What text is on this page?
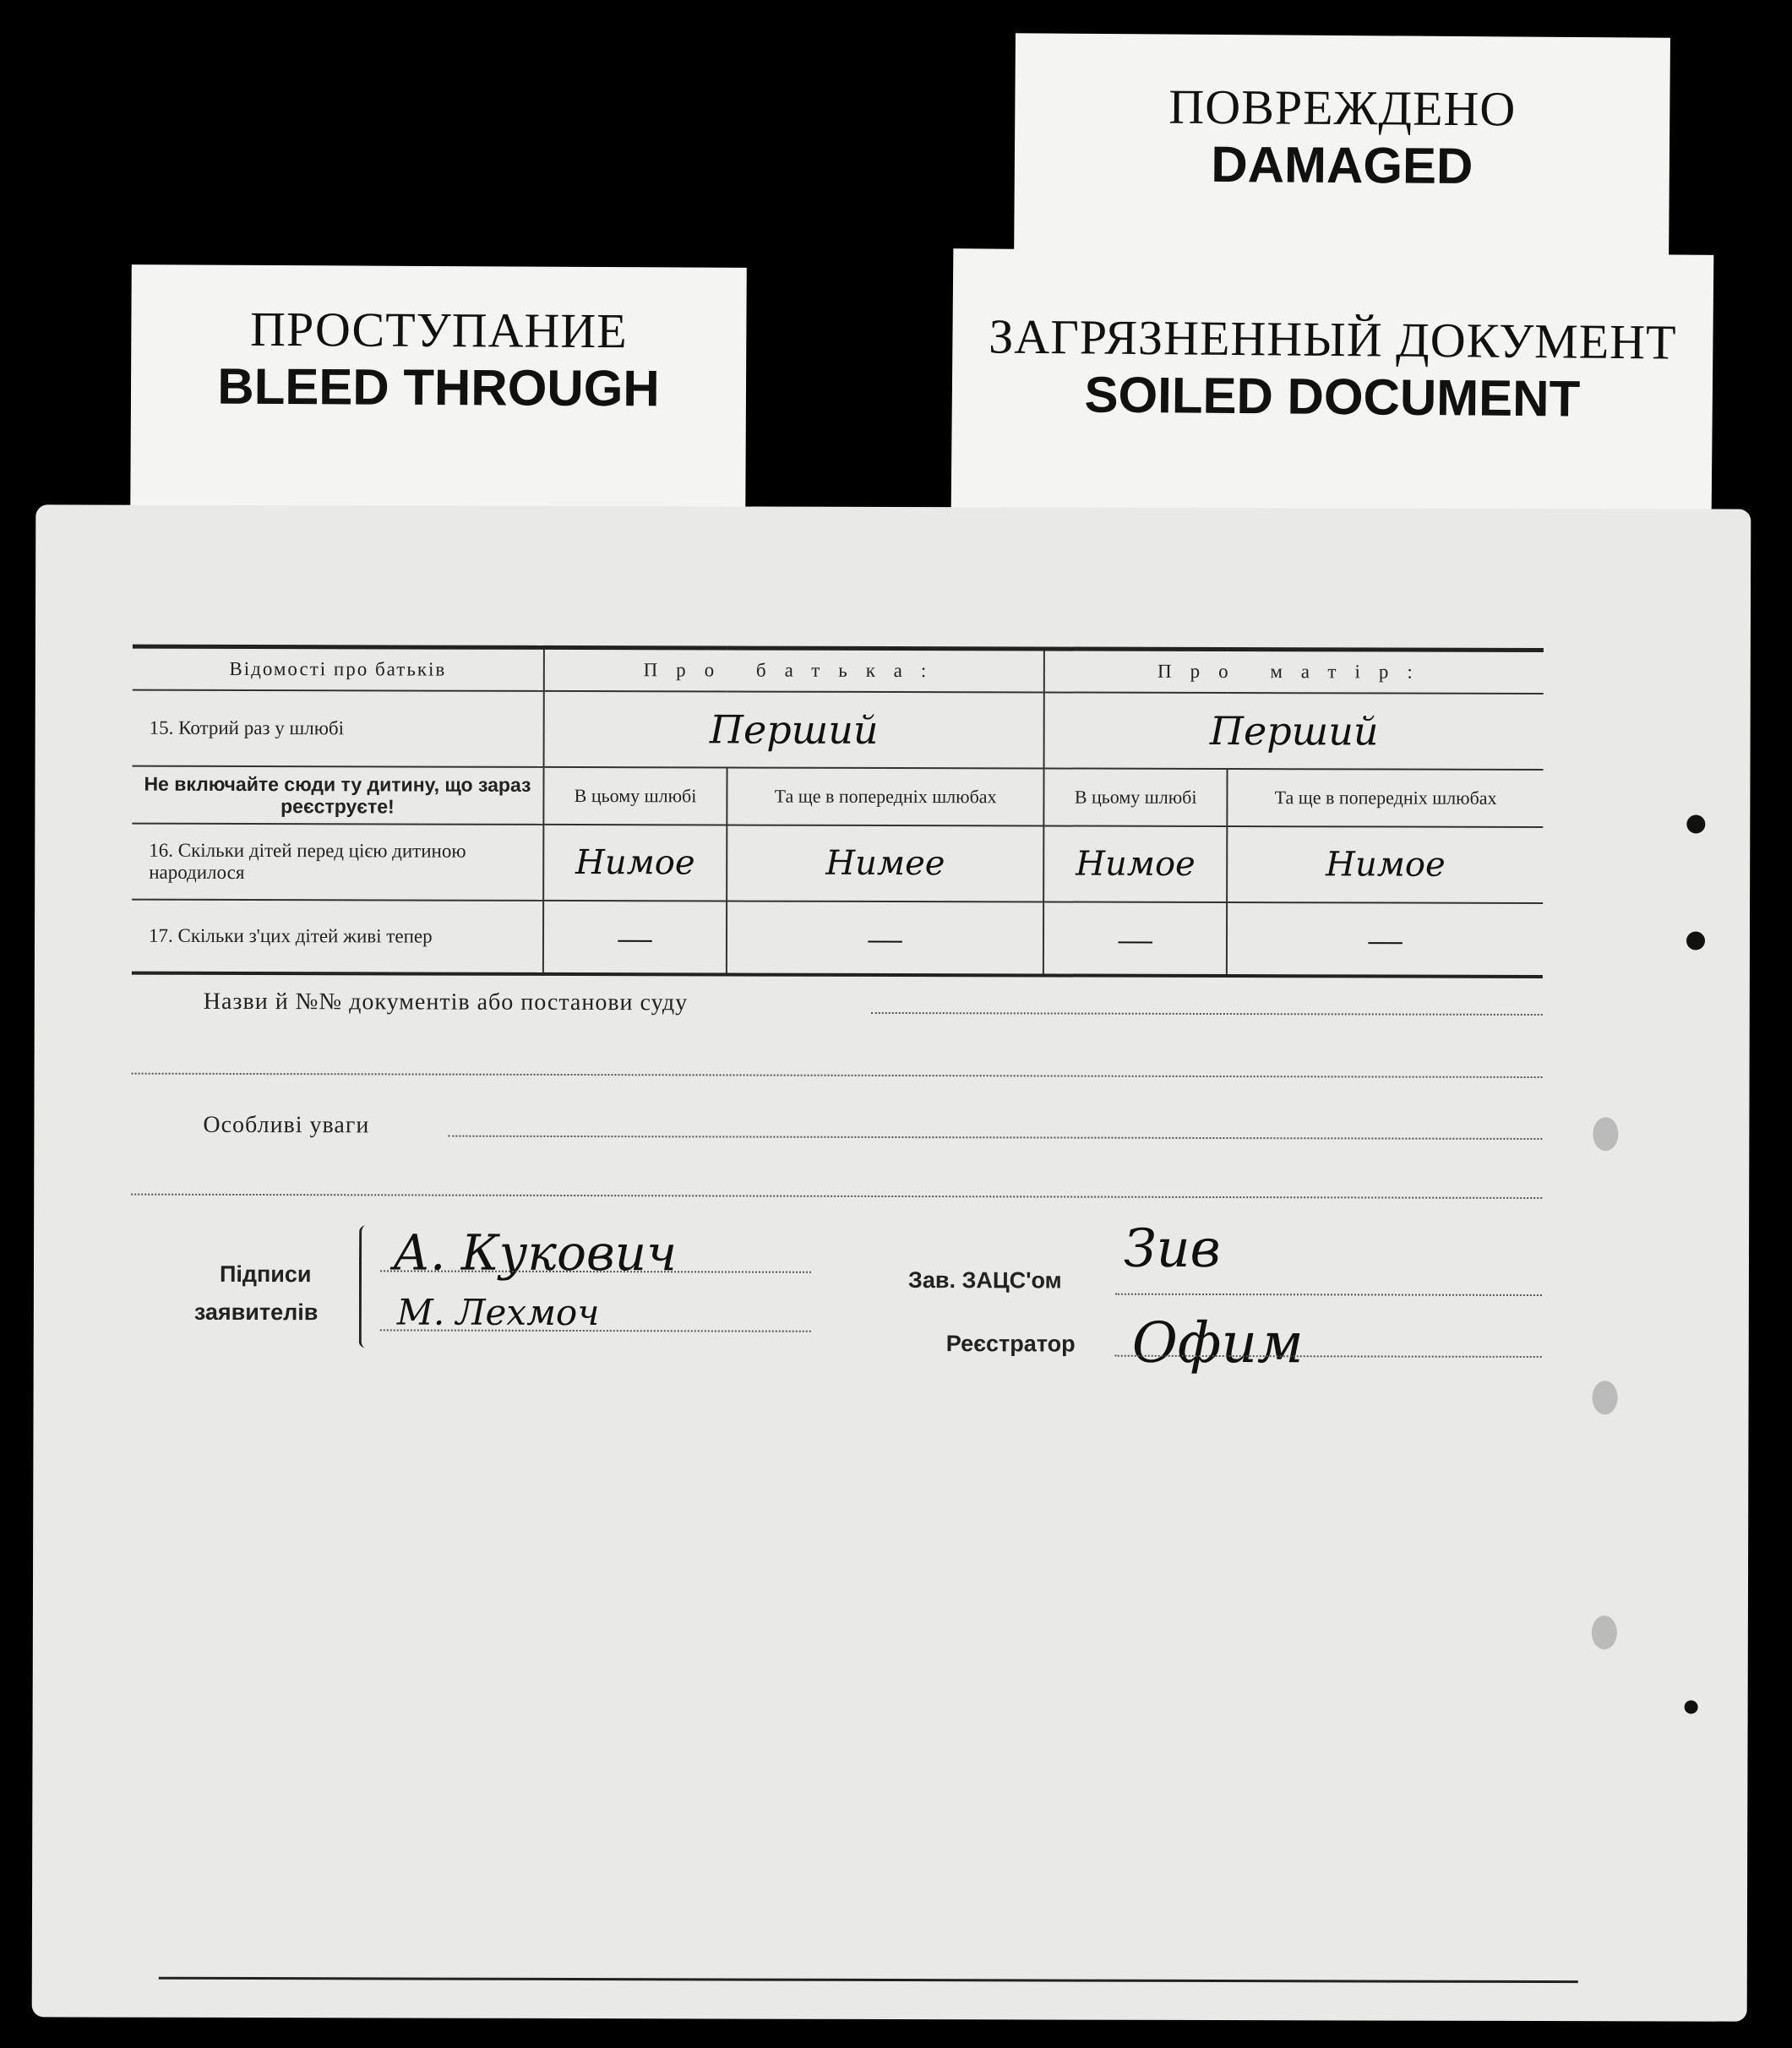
ПОВРЕЖДЕНО
DAMAGED
ПРОСТУПАНИЕ
BLEED THROUGH
ЗАГРЯЗНЕННЫЙ ДОКУМЕНТ
SOILED DOCUMENT
Відомості про батьків	Про батька:		Про матір:	
15. Котрий раз у шлюбі	Перший		Перший	
Не включайте сюди ту дитину, що зараз реєструєте!	В цьому шлюбі	Та ще в попередніх шлюбах	В цьому шлюбі	Та ще в попередніх шлюбах
16. Скільки дітей перед цією дитиною народилося	Нимое	Нимее	Нимое	Нимое
17. Скільки з'цих дітей живі тепер	—	—	—	—
Назви й №№ документів або постанови суду
Особливі уваги
Підписи
заявителів
А. Кукович
М. Лехмоч
Зав. ЗАЦС'ом
Зив
Реєстратор Офим
